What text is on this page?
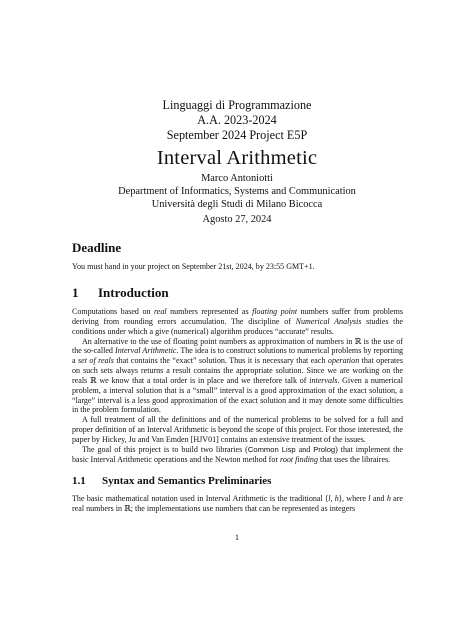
Linguaggi di Programmazione
A.A. 2023-2024
September 2024 Project E5P
Interval Arithmetic
Marco Antoniotti
Department of Informatics, Systems and Communication
Università degli Studi di Milano Bicocca
Agosto 27, 2024
Deadline

You must hand in your project on September 21st, 2024, by 23:55 GMT+1.

1 Introduction

Computations based on real numbers represented as floating point numbers suffer from problems deriving from rounding errors accumulation. The discipline of Numerical Analysis studies the conditions under which a give (numerical) algorithm produces “accurate” results.

An alternative to the use of floating point numbers as approximation of numbers in ℝ is the use of the so-called Interval Arithmetic. The idea is to construct solutions to numerical problems by reporting a set of reals that contains the “exact” solution. Thus it is necessary that each operation that operates on such sets always returns a result contains the appropriate solution. Since we are working on the reals ℝ we know that a total order is in place and we therefore talk of intervals. Given a numerical problem, a interval solution that is a “small” interval is a good approximation of the exact solution, a “large” interval is a less good approximation of the exact solution and it may denote some difficulties in the problem formulation.

A full treatment of all the definitions and of the numerical problems to be solved for a full and proper definition of an Interval Arithmetic is beyond the scope of this project. For those interested, the paper by Hickey, Ju and Van Emden [HJV01] contains an extensive treatment of the issues.

The goal of this project is to build two libraries (Common Lisp and Prolog) that implement the basic Interval Arithmetic operations and the Newton method for root finding that uses the libraires.

1.1 Syntax and Semantics Preliminaries

The basic mathematical notation used in Interval Arithmetic is the traditional ⟨l, h⟩, where l and h are real numbers in ℝ; the implementations use numbers that can be represented as integers

1
